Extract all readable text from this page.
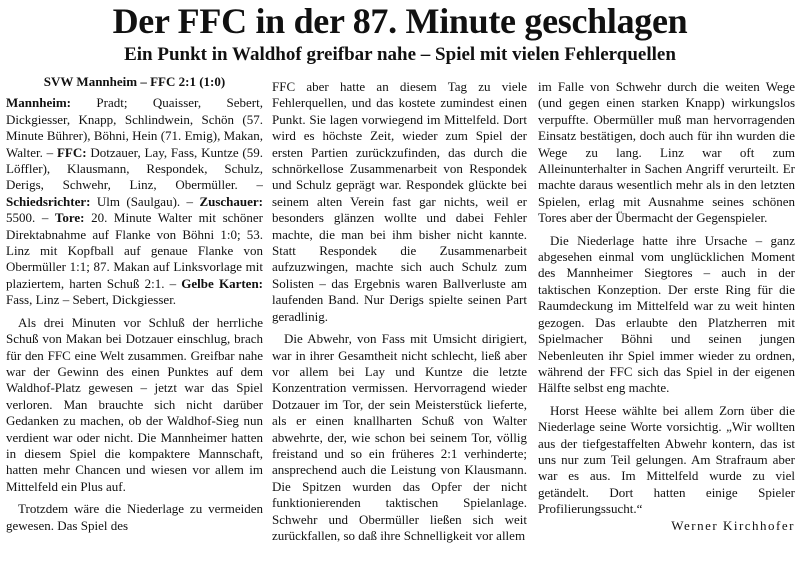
Der FFC in der 87. Minute geschlagen
Ein Punkt in Waldhof greifbar nahe – Spiel mit vielen Fehlerquellen
SVW Mannheim – FFC 2:1 (1:0)

Mannheim: Pradt; Quaisser, Sebert, Dickgiesser, Knapp, Schlindwein, Schön (57. Minute Bührer), Böhni, Hein (71. Emig), Makan, Walter. – FFC: Dotzauer, Lay, Fass, Kuntze (59. Löffler), Klausmann, Respondek, Schulz, Derigs, Schwehr, Linz, Obermüller. – Schiedsrichter: Ulm (Saulgau). – Zuschauer: 5500. – Tore: 20. Minute Walter mit schöner Direktabnahme auf Flanke von Böhni 1:0; 53. Linz mit Kopfball auf genaue Flanke von Obermüller 1:1; 87. Makan auf Linksvorlage mit plaziertem, harten Schuß 2:1. – Gelbe Karten: Fass, Linz – Sebert, Dickgiesser.

Als drei Minuten vor Schluß der herrliche Schuß von Makan bei Dotzauer einschlug, brach für den FFC eine Welt zusammen. Greifbar nahe war der Gewinn des einen Punktes auf dem Waldhof-Platz gewesen – jetzt war das Spiel verloren. Man brauchte sich nicht darüber Gedanken zu machen, ob der Waldhof-Sieg nun verdient war oder nicht. Die Mannheimer hatten in diesem Spiel die kompaktere Mannschaft, hatten mehr Chancen und wiesen vor allem im Mittelfeld ein Plus auf.

Trotzdem wäre die Niederlage zu vermeiden gewesen. Das Spiel des

FFC aber hatte an diesem Tag zu viele Fehlerquellen, und das kostete zumindest einen Punkt. Sie lagen vorwiegend im Mittelfeld. Dort wird es höchste Zeit, wieder zum Spiel der ersten Partien zurückzufinden, das durch die schnörkellose Zusammenarbeit von Respondek und Schulz geprägt war. Respondek glückte bei seinem alten Verein fast gar nichts, weil er besonders glänzen wollte und dabei Fehler machte, die man bei ihm bisher nicht kannte. Statt Respondek die Zusammenarbeit aufzuzwingen, machte sich auch Schulz zum Solisten – das Ergebnis waren Ballverluste am laufenden Band. Nur Derigs spielte seinen Part geradlinig.

Die Abwehr, von Fass mit Umsicht dirigiert, war in ihrer Gesamtheit nicht schlecht, ließ aber vor allem bei Lay und Kuntze die letzte Konzentration vermissen. Hervorragend wieder Dotzauer im Tor, der sein Meisterstück lieferte, als er einen knallharten Schuß von Walter abwehrte, der, wie schon bei seinem Tor, völlig freistand und so ein früheres 2:1 verhinderte; ansprechend auch die Leistung von Klausmann. Die Spitzen wurden das Opfer der nicht funktionierenden taktischen Spielanlage. Schwehr und Obermüller ließen sich weit zurückfallen, so daß ihre Schnelligkeit vor allem

im Falle von Schwehr durch die weiten Wege (und gegen einen starken Knapp) wirkungslos verpuffte. Obermüller muß man hervorragenden Einsatz bestätigen, doch auch für ihn wurden die Wege zu lang. Linz war oft zum Alleinunterhalter in Sachen Angriff verurteilt. Er machte daraus wesentlich mehr als in den letzten Spielen, erlag mit Ausnahme seines schönen Tores aber der Übermacht der Gegenspieler.

Die Niederlage hatte ihre Ursache – ganz abgesehen einmal vom unglücklichen Moment des Mannheimer Siegtores – auch in der taktischen Konzeption. Der erste Ring für die Raumdeckung im Mittelfeld war zu weit hinten gezogen. Das erlaubte den Platzherren mit Spielmacher Böhni und seinen jungen Nebenleuten ihr Spiel immer wieder zu ordnen, während der FFC sich das Spiel in der eigenen Hälfte selbst eng machte.

Horst Heese wählte bei allem Zorn über die Niederlage seine Worte vorsichtig. „Wir wollten aus der tiefgestaffelten Abwehr kontern, das ist uns nur zum Teil gelungen. Am Strafraum aber war es aus. Im Mittelfeld wurde zu viel getändelt. Dort hatten einige Spieler Profilierungssucht.“

Werner Kirchhofer
